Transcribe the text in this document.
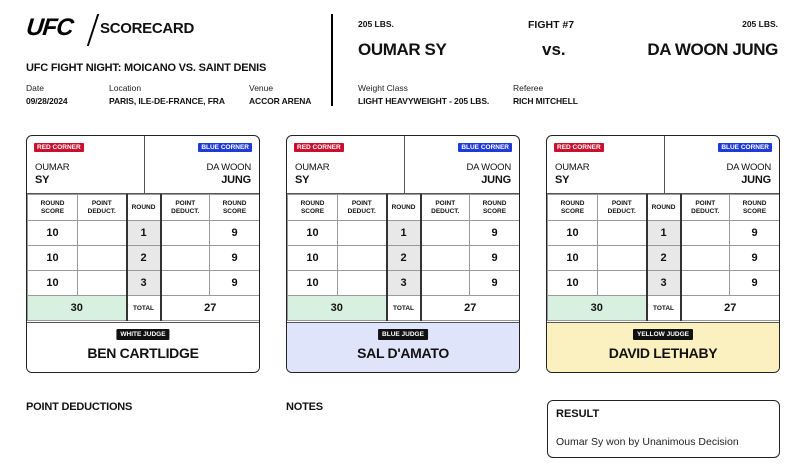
UFC	SCORECARD
UFC FIGHT NIGHT: MOICANO VS. SAINT DENIS
Date
09/28/2024
Location
PARIS, ILE-DE-FRANCE, FRA
Venue
ACCOR ARENA
205 LBS.
OUMAR SY
FIGHT #7
vs.
205 LBS.
DA WOON JUNG
Weight Class
LIGHT HEAVYWEIGHT - 205 LBS.
Referee
RICH MITCHELL
RED CORNER
OUMAR
SY
BLUE CORNER
DA WOON
JUNG
ROUND SCORE	POINT DEDUCT.	ROUND	POINT DEDUCT.	ROUND SCORE
10		1		9
10		2		9
10		3		9
30		TOTAL	27	
WHITE JUDGE
BEN CARTLIDGE
RED CORNER
OUMAR
SY
BLUE CORNER
DA WOON
JUNG
ROUND SCORE	POINT DEDUCT.	ROUND	POINT DEDUCT.	ROUND SCORE
10		1		9
10		2		9
10		3		9
30		TOTAL	27	
BLUE JUDGE
SAL D'AMATO
RED CORNER
OUMAR
SY
BLUE CORNER
DA WOON
JUNG
ROUND SCORE	POINT DEDUCT.	ROUND	POINT DEDUCT.	ROUND SCORE
10		1		9
10		2		9
10		3		9
30		TOTAL	27	
YELLOW JUDGE
DAVID LETHABY
POINT DEDUCTIONS	NOTES
RESULT
Oumar Sy won by Unanimous Decision
